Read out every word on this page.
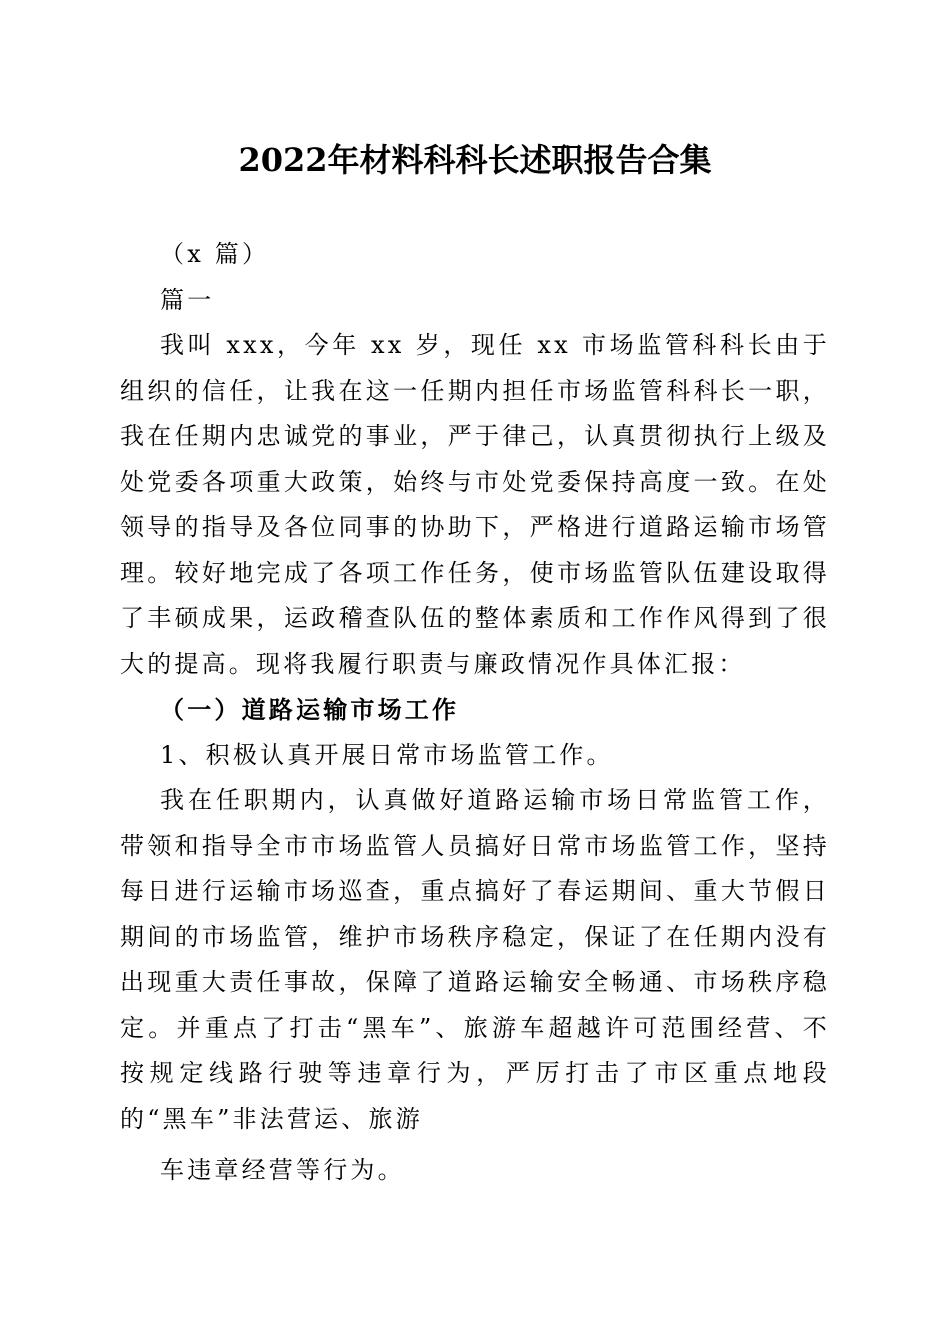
2022年材料科科长述职报告合集

（x 篇）

篇一

我叫 xxx，今年 xx 岁，现任 xx 市场监管科科长由于组织的信任，让我在这一任期内担任市场监管科科长一职，我在任期内忠诚党的事业，严于律己，认真贯彻执行上级及处党委各项重大政策，始终与市处党委保持高度一致。在处领导的指导及各位同事的协助下，严格进行道路运输市场管理。较好地完成了各项工作任务，使市场监管队伍建设取得了丰硕成果，运政稽查队伍的整体素质和工作作风得到了很大的提高。现将我履行职责与廉政情况作具体汇报：

（一）道路运输市场工作

1、积极认真开展日常市场监管工作。

我在任职期内，认真做好道路运输市场日常监管工作，带领和指导全市市场监管人员搞好日常市场监管工作，坚持每日进行运输市场巡查，重点搞好了春运期间、重大节假日期间的市场监管，维护市场秩序稳定，保证了在任期内没有出现重大责任事故，保障了道路运输安全畅通、市场秩序稳定。并重点了打击“黑车”、旅游车超越许可范围经营、不按规定线路行驶等违章行为，严厉打击了市区重点地段的“黑车”非法营运、旅游

车违章经营等行为。
